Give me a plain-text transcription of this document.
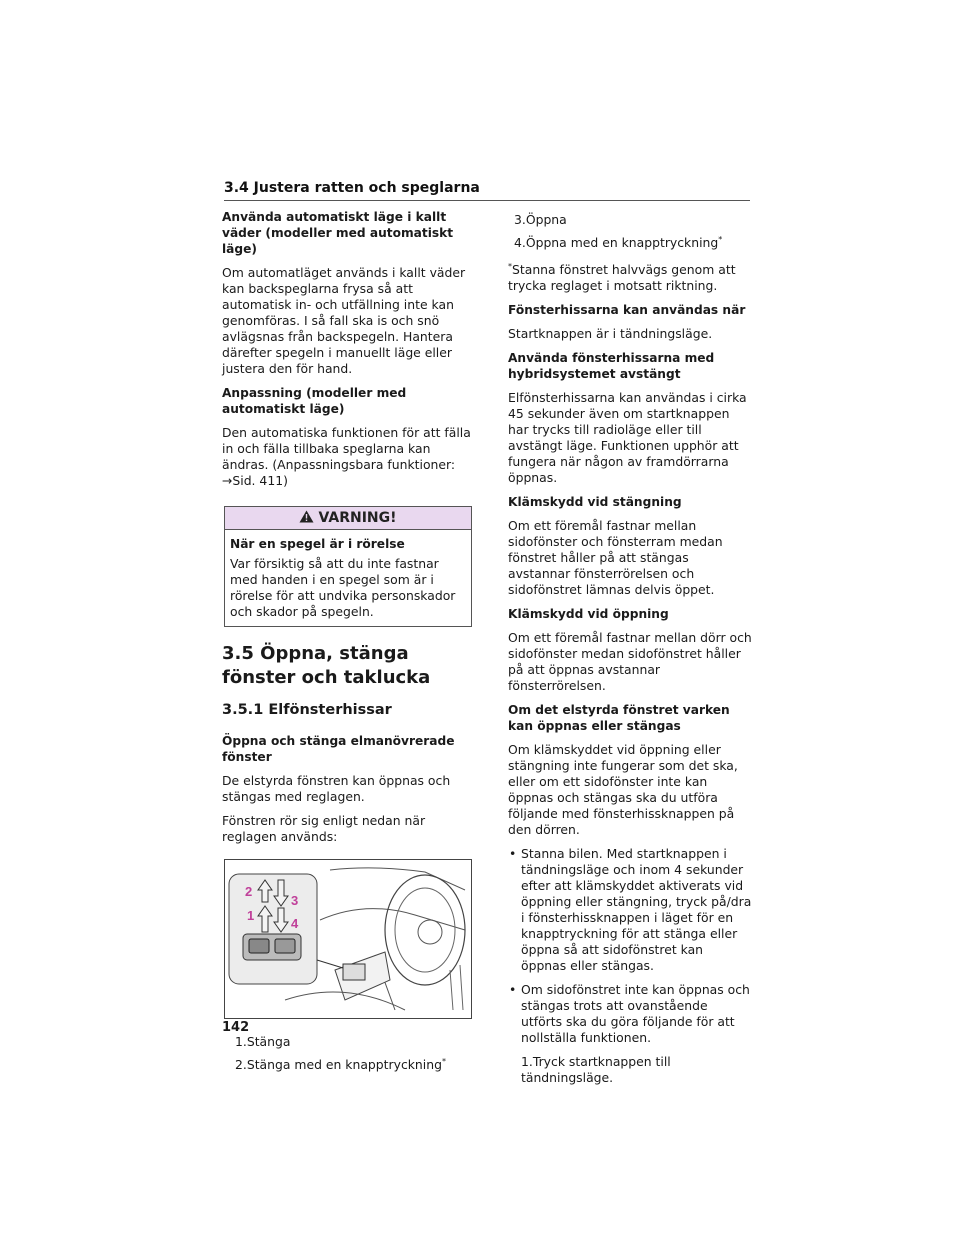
3.4 Justera ratten och speglarna
Använda automatiskt läge i kallt väder (modeller med automatiskt läge)

Om automatläget används i kallt väder kan backspeglarna frysa så att automatisk in- och utfällning inte kan genomföras. I så fall ska is och snö avlägsnas från backspegeln. Hantera därefter spegeln i manuellt läge eller justera den för hand.

Anpassning (modeller med automatiskt läge)

Den automatiska funktionen för att fälla in och fälla tillbaka speglarna kan ändras. (Anpassningsbara funktioner: →Sid. 411)

VARNING!
När en spegel är i rörelse

Var försiktig så att du inte fastnar med handen i en spegel som är i rörelse för att undvika personskador och skador på spegeln.

3.5 Öppna, stänga fönster och taklucka
3.5.1 Elfönsterhissar
Öppna och stänga elmanövrerade fönster

De elstyrda fönstren kan öppnas och stängas med reglagen.

Fönstren rör sig enligt nedan när reglagen används:

1
2
3
4
1.Stänga
2.Stänga med en knapptryckning*
3.Öppna
4.Öppna med en knapptryckning*

*Stanna fönstret halvvägs genom att trycka reglaget i motsatt riktning.

Fönsterhissarna kan användas när

Startknappen är i tändningsläge.

Använda fönsterhissarna med hybridsystemet avstängt

Elfönsterhissarna kan användas i cirka 45 sekunder även om startknappen har trycks till radioläge eller till avstängt läge. Funktionen upphör att fungera när någon av framdörrarna öppnas.

Klämskydd vid stängning

Om ett föremål fastnar mellan sidofönster och fönsterram medan fönstret håller på att stängas avstannar fönsterrörelsen och sidofönstret lämnas delvis öppet.

Klämskydd vid öppning

Om ett föremål fastnar mellan dörr och sidofönster medan sidofönstret håller på att öppnas avstannar fönsterrörelsen.

Om det elstyrda fönstret varken kan öppnas eller stängas

Om klämskyddet vid öppning eller stängning inte fungerar som det ska, eller om ett sidofönster inte kan öppnas och stängas ska du utföra följande med fönsterhissknappen på den dörren.

• Stanna bilen. Med startknappen i tändningsläge och inom 4 sekunder efter att klämskyddet aktiverats vid öppning eller stängning, tryck på/dra i fönsterhissknappen i läget för en knapptryckning för att stänga eller öppna så att sidofönstret kan öppnas eller stängas.
• Om sidofönstret inte kan öppnas och stängas trots att ovanstående utförts ska du göra följande för att nollställa funktionen.
1.Tryck startknappen till tändningsläge.
142
